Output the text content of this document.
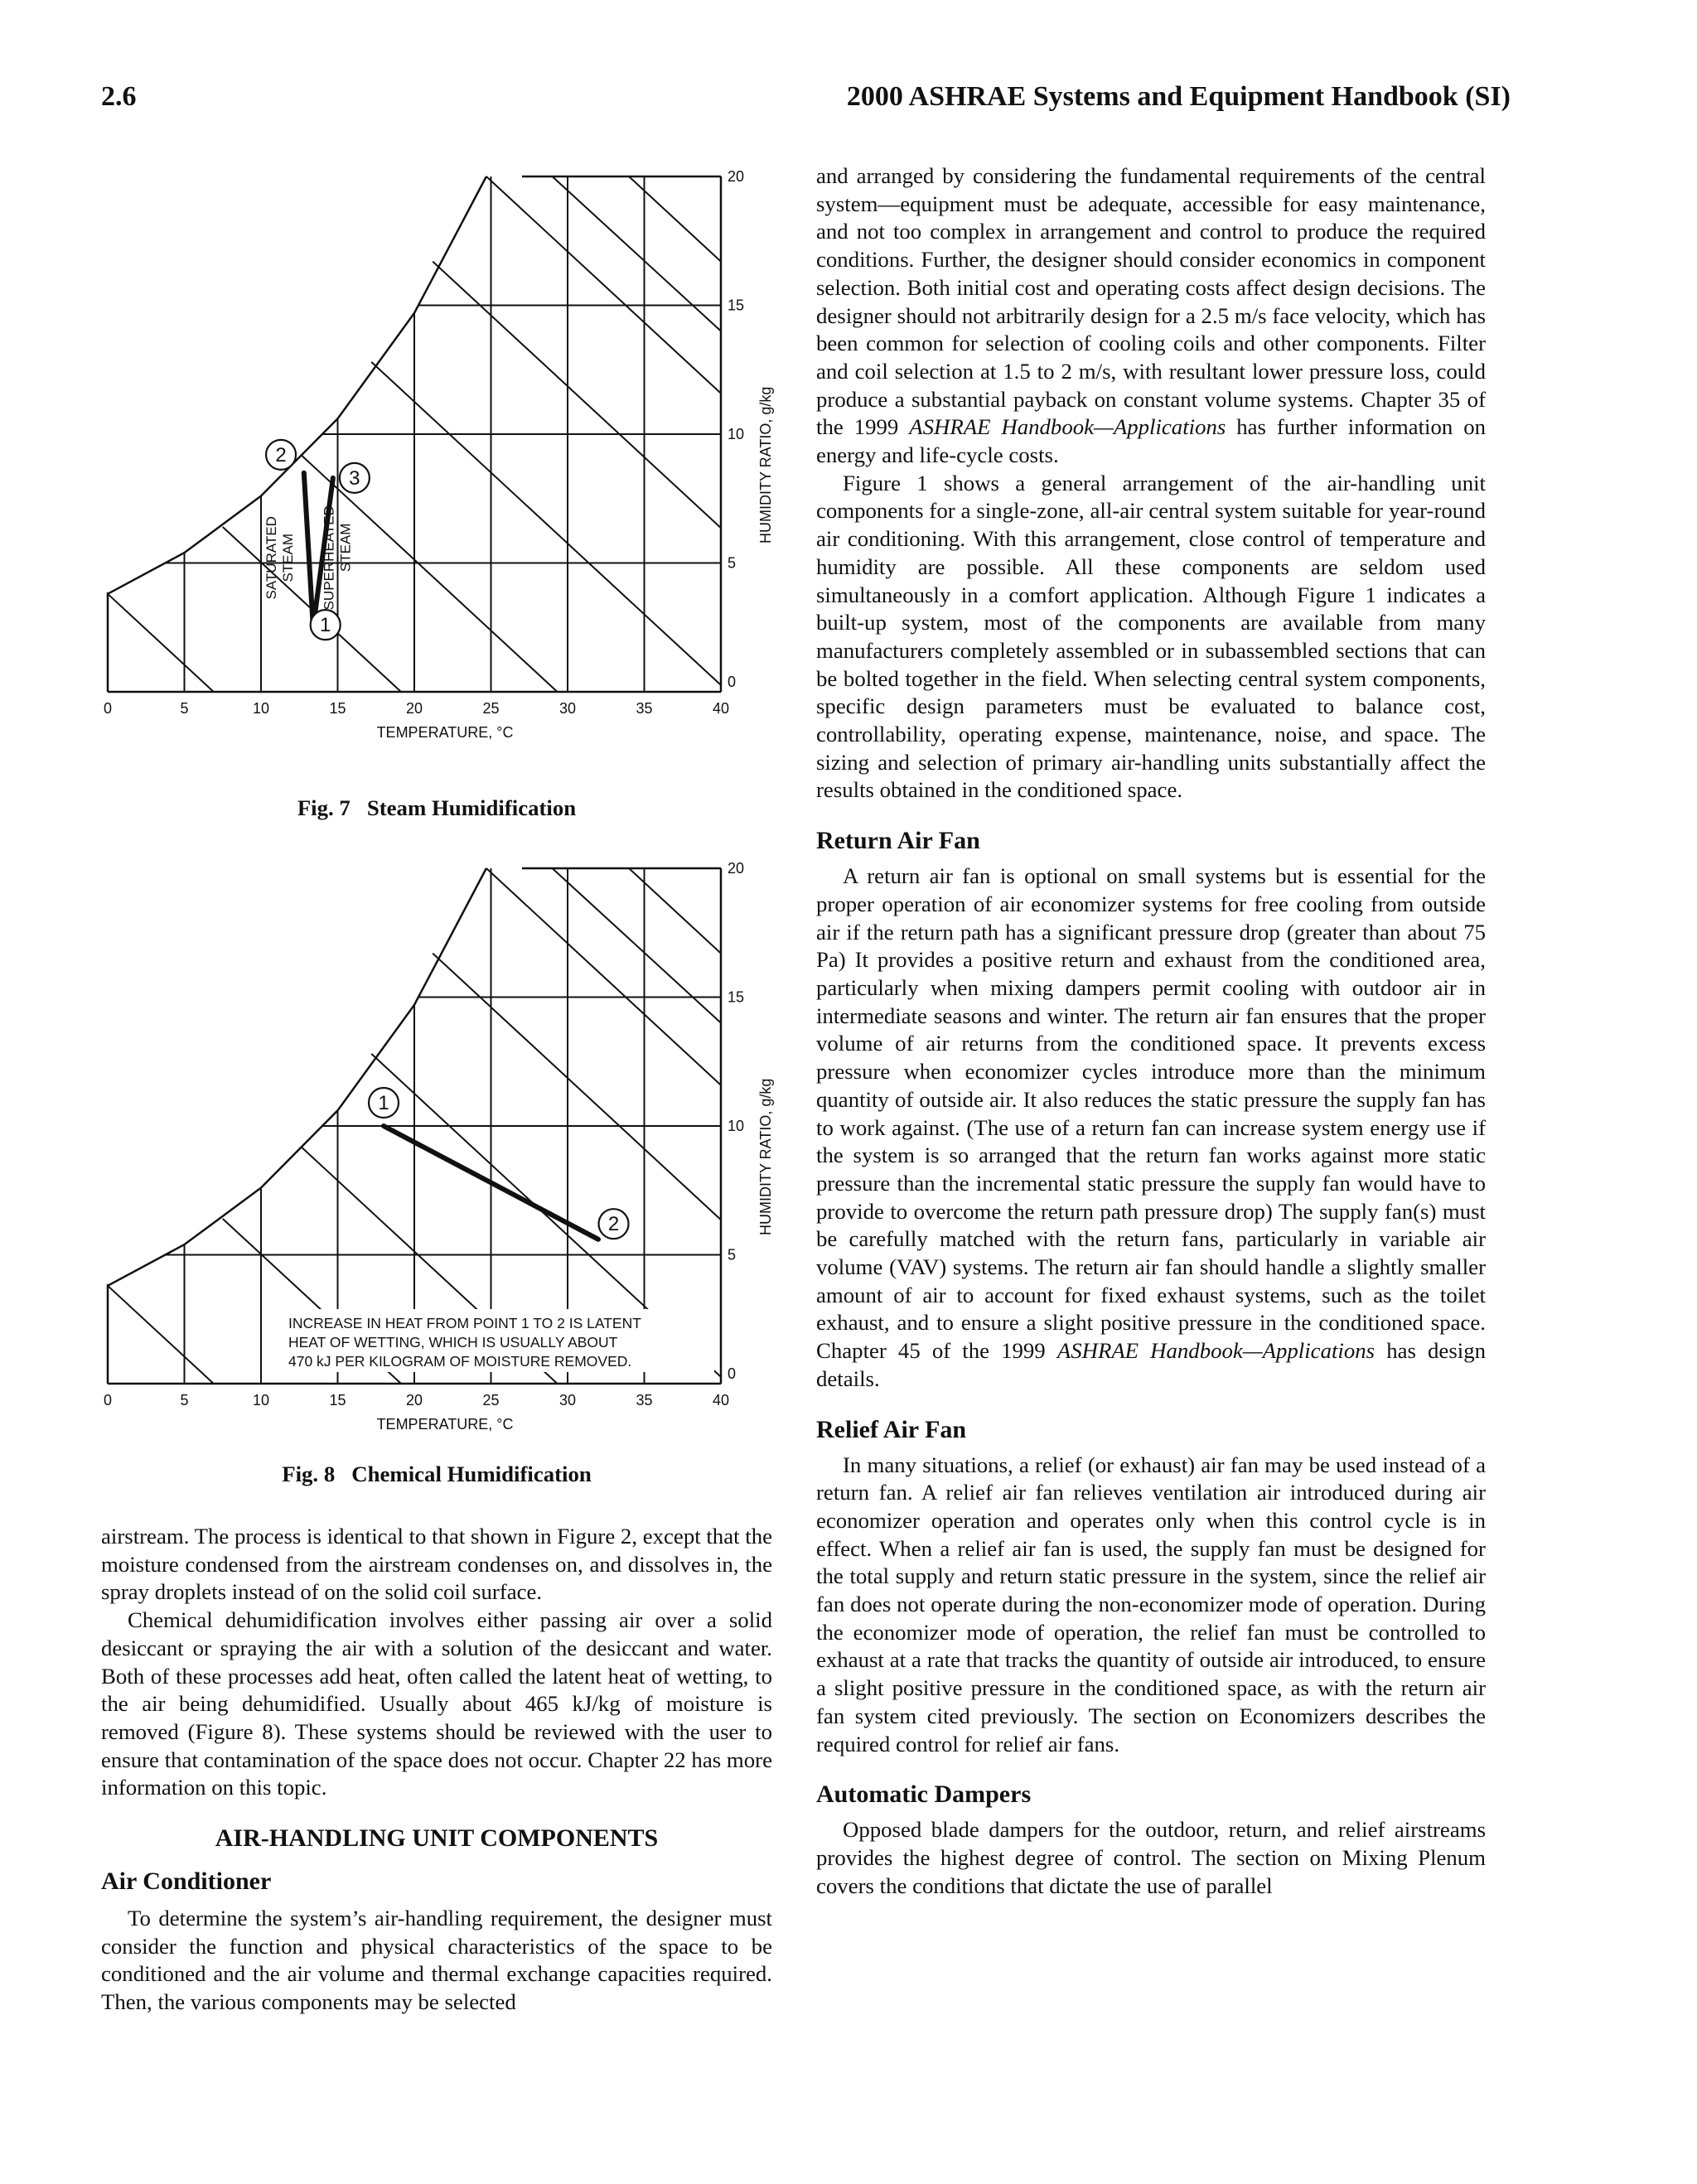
2.6	2000 ASHRAE Systems and Equipment Handbook (SI)
1
2
3
SATURATED STEAM SUPERHEATED STEAM
0	5	10	15	20	25	30	35	40
0
5
10
15
20
TEMPERATURE, °C
HUMIDITY RATIO, g/kg
Fig. 7 Steam Humidification
1
2
0	5	10	15	20	25	30	35	40
0
5
10
15
20
TEMPERATURE, °C
HUMIDITY RATIO, g/kg
INCREASE IN HEAT FROM POINT 1 TO 2 IS LATENT
HEAT OF WETTING, WHICH IS USUALLY ABOUT
470 kJ PER KILOGRAM OF MOISTURE REMOVED.
Fig. 8 Chemical Humidification

airstream. The process is identical to that shown in Figure 2, except that the moisture condensed from the airstream condenses on, and dissolves in, the spray droplets instead of on the solid coil surface.

Chemical dehumidification involves either passing air over a solid desiccant or spraying the air with a solution of the desiccant and water. Both of these processes add heat, often called the latent heat of wetting, to the air being dehumidified. Usually about 465 kJ/kg of moisture is removed (Figure 8). These systems should be reviewed with the user to ensure that contamination of the space does not occur. Chapter 22 has more information on this topic.

AIR-HANDLING UNIT COMPONENTS
Air Conditioner

To determine the system’s air-handling requirement, the designer must consider the function and physical characteristics of the space to be conditioned and the air volume and thermal exchange capacities required. Then, the various components may be selected

and arranged by considering the fundamental requirements of the central system—equipment must be adequate, accessible for easy maintenance, and not too complex in arrangement and control to produce the required conditions. Further, the designer should consider economics in component selection. Both initial cost and operating costs affect design decisions. The designer should not arbitrarily design for a 2.5 m/s face velocity, which has been common for selection of cooling coils and other components. Filter and coil selection at 1.5 to 2 m/s, with resultant lower pressure loss, could produce a substantial payback on constant volume systems. Chapter 35 of the 1999 ASHRAE Handbook—Applications has further information on energy and life-cycle costs.

Figure 1 shows a general arrangement of the air-handling unit components for a single-zone, all-air central system suitable for year-round air conditioning. With this arrangement, close control of temperature and humidity are possible. All these components are seldom used simultaneously in a comfort application. Although Figure 1 indicates a built-up system, most of the components are available from many manufacturers completely assembled or in subassembled sections that can be bolted together in the field. When selecting central system components, specific design parameters must be evaluated to balance cost, controllability, operating expense, maintenance, noise, and space. The sizing and selection of primary air-handling units substantially affect the results obtained in the conditioned space.

Return Air Fan

A return air fan is optional on small systems but is essential for the proper operation of air economizer systems for free cooling from outside air if the return path has a significant pressure drop (greater than about 75 Pa) It provides a positive return and exhaust from the conditioned area, particularly when mixing dampers permit cooling with outdoor air in intermediate seasons and winter. The return air fan ensures that the proper volume of air returns from the conditioned space. It prevents excess pressure when economizer cycles introduce more than the minimum quantity of outside air. It also reduces the static pressure the supply fan has to work against. (The use of a return fan can increase system energy use if the system is so arranged that the return fan works against more static pressure than the incremental static pressure the supply fan would have to provide to overcome the return path pressure drop) The supply fan(s) must be carefully matched with the return fans, particularly in variable air volume (VAV) systems. The return air fan should handle a slightly smaller amount of air to account for fixed exhaust systems, such as the toilet exhaust, and to ensure a slight positive pressure in the conditioned space. Chapter 45 of the 1999 ASHRAE Handbook—Applications has design details.

Relief Air Fan

In many situations, a relief (or exhaust) air fan may be used instead of a return fan. A relief air fan relieves ventilation air introduced during air economizer operation and operates only when this control cycle is in effect. When a relief air fan is used, the supply fan must be designed for the total supply and return static pressure in the system, since the relief air fan does not operate during the non-economizer mode of operation. During the economizer mode of operation, the relief fan must be controlled to exhaust at a rate that tracks the quantity of outside air introduced, to ensure a slight positive pressure in the conditioned space, as with the return air fan system cited previously. The section on Economizers describes the required control for relief air fans.

Automatic Dampers

Opposed blade dampers for the outdoor, return, and relief airstreams provides the highest degree of control. The section on Mixing Plenum covers the conditions that dictate the use of parallel
